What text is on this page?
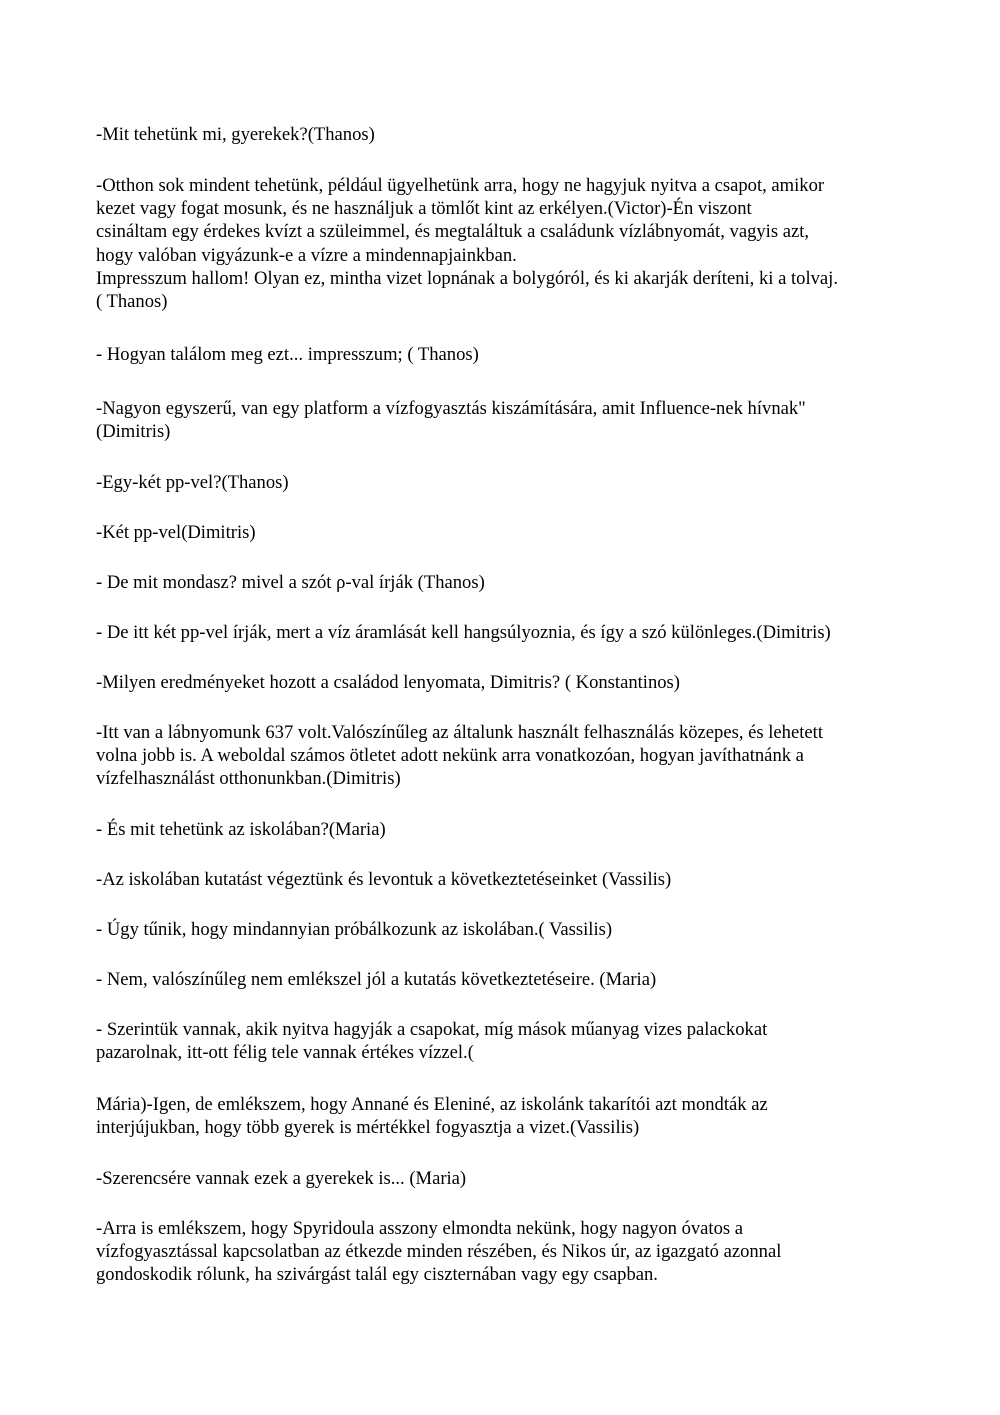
-Mit tehetünk mi, gyerekek?(Thanos)

-Otthon sok mindent tehetünk, például ügyelhetünk arra, hogy ne hagyjuk nyitva a csapot, amikor
kezet vagy fogat mosunk, és ne használjuk a tömlőt kint az erkélyen.(Victor)-Én viszont
csináltam egy érdekes kvízt a szüleimmel, és megtaláltuk a családunk vízlábnyomát, vagyis azt,
hogy valóban vigyázunk-e a vízre a mindennapjainkban.
Impresszum hallom! Olyan ez, mintha vizet lopnának a bolygóról, és ki akarják deríteni, ki a tolvaj.
( Thanos)

- Hogyan találom meg ezt... impresszum; ( Thanos)

-Nagyon egyszerű, van egy platform a vízfogyasztás kiszámítására, amit Influence-nek hívnak"
(Dimitris)

-Egy-két pp-vel?(Thanos)

-Két pp-vel(Dimitris)

- De mit mondasz? mivel a szót ρ-val írják (Thanos)

- De itt két pp-vel írják, mert a víz áramlását kell hangsúlyoznia, és így a szó különleges.(Dimitris)

-Milyen eredményeket hozott a családod lenyomata, Dimitris? ( Konstantinos)

-Itt van a lábnyomunk 637 volt.Valószínűleg az általunk használt felhasználás közepes, és lehetett
volna jobb is. A weboldal számos ötletet adott nekünk arra vonatkozóan, hogyan javíthatnánk a
vízfelhasználást otthonunkban.(Dimitris)

- És mit tehetünk az iskolában?(Maria)

-Az iskolában kutatást végeztünk és levontuk a következtetéseinket (Vassilis)

- Úgy tűnik, hogy mindannyian próbálkozunk az iskolában.( Vassilis)

- Nem, valószínűleg nem emlékszel jól a kutatás következtetéseire. (Maria)

- Szerintük vannak, akik nyitva hagyják a csapokat, míg mások műanyag vizes palackokat
pazarolnak, itt-ott félig tele vannak értékes vízzel.(

Mária)-Igen, de emlékszem, hogy Annané és Eleniné, az iskolánk takarítói azt mondták az
interjújukban, hogy több gyerek is mértékkel fogyasztja a vizet.(Vassilis)

-Szerencsére vannak ezek a gyerekek is... (Maria)

-Arra is emlékszem, hogy Spyridoula asszony elmondta nekünk, hogy nagyon óvatos a
vízfogyasztással kapcsolatban az étkezde minden részében, és Nikos úr, az igazgató azonnal
gondoskodik rólunk, ha szivárgást talál egy ciszternában vagy egy csapban.
